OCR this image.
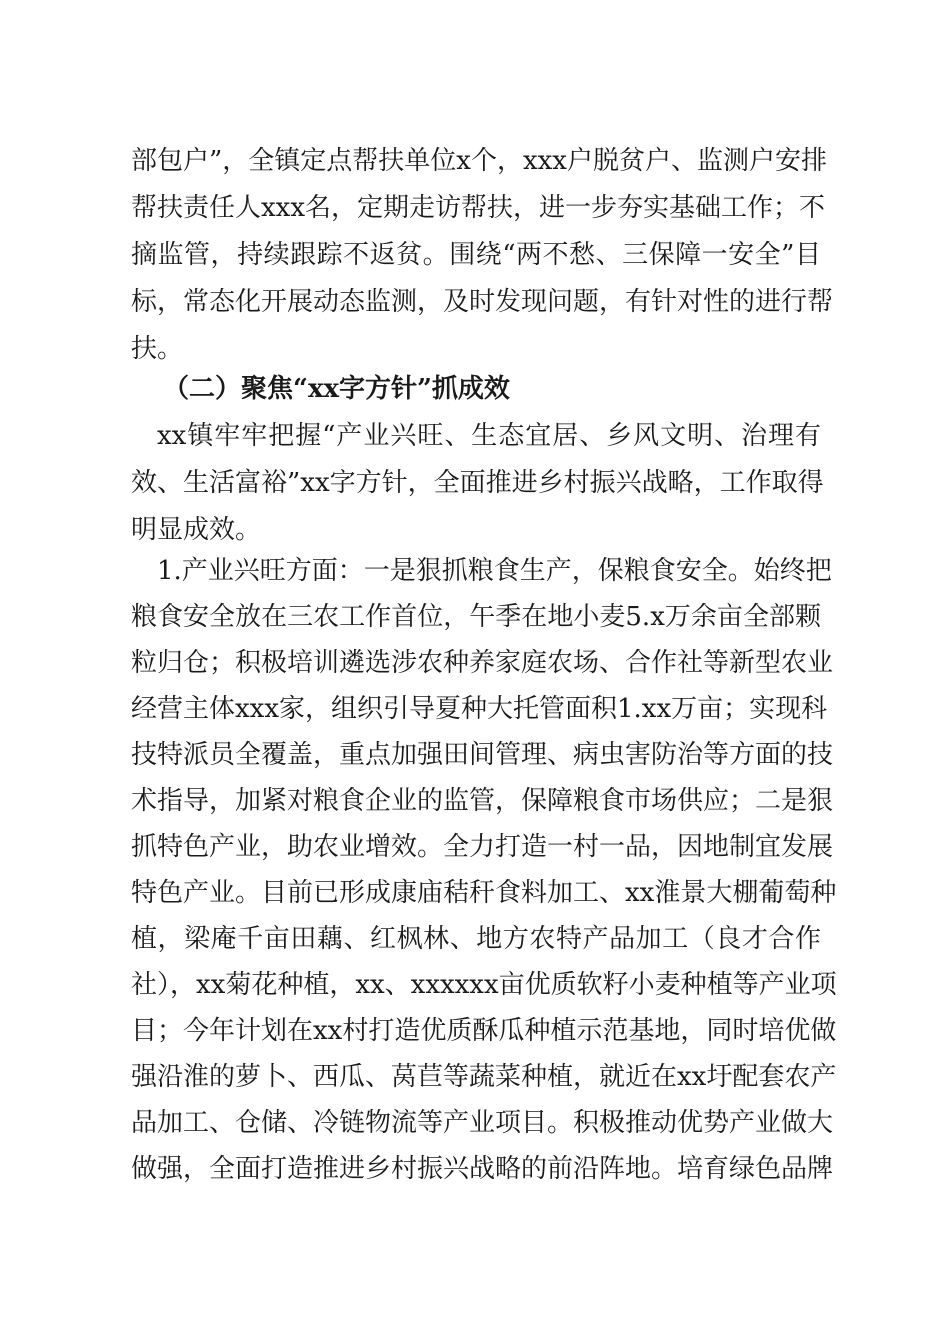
部包户”，全镇定点帮扶单位x个，xxx户脱贫户、监测户安排
帮扶责任人xxx名，定期走访帮扶，进一步夯实基础工作；不
摘监管，持续跟踪不返贫。围绕“两不愁、三保障一安全”目
标，常态化开展动态监测，及时发现问题，有针对性的进行帮
扶。
（二）聚焦“xx字方针”抓成效
xx镇牢牢把握“产业兴旺、生态宜居、乡风文明、治理有
效、生活富裕”xx字方针，全面推进乡村振兴战略，工作取得
明显成效。
1.产业兴旺方面：一是狠抓粮食生产，保粮食安全。始终把
粮食安全放在三农工作首位，午季在地小麦5.x万余亩全部颗
粒归仓；积极培训遴选涉农种养家庭农场、合作社等新型农业
经营主体xxx家，组织引导夏种大托管面积1.xx万亩；实现科
技特派员全覆盖，重点加强田间管理、病虫害防治等方面的技
术指导，加紧对粮食企业的监管，保障粮食市场供应；二是狠
抓特色产业，助农业增效。全力打造一村一品，因地制宜发展
特色产业。目前已形成康庙秸秆食料加工、xx淮景大棚葡萄种
植，梁庵千亩田藕、红枫林、地方农特产品加工（良才合作
社），xx菊花种植，xx、xxxxxx亩优质软籽小麦种植等产业项
目；今年计划在xx村打造优质酥瓜种植示范基地，同时培优做
强沿淮的萝卜、西瓜、莴苣等蔬菜种植，就近在xx圩配套农产
品加工、仓储、冷链物流等产业项目。积极推动优势产业做大
做强，全面打造推进乡村振兴战略的前沿阵地。培育绿色品牌
